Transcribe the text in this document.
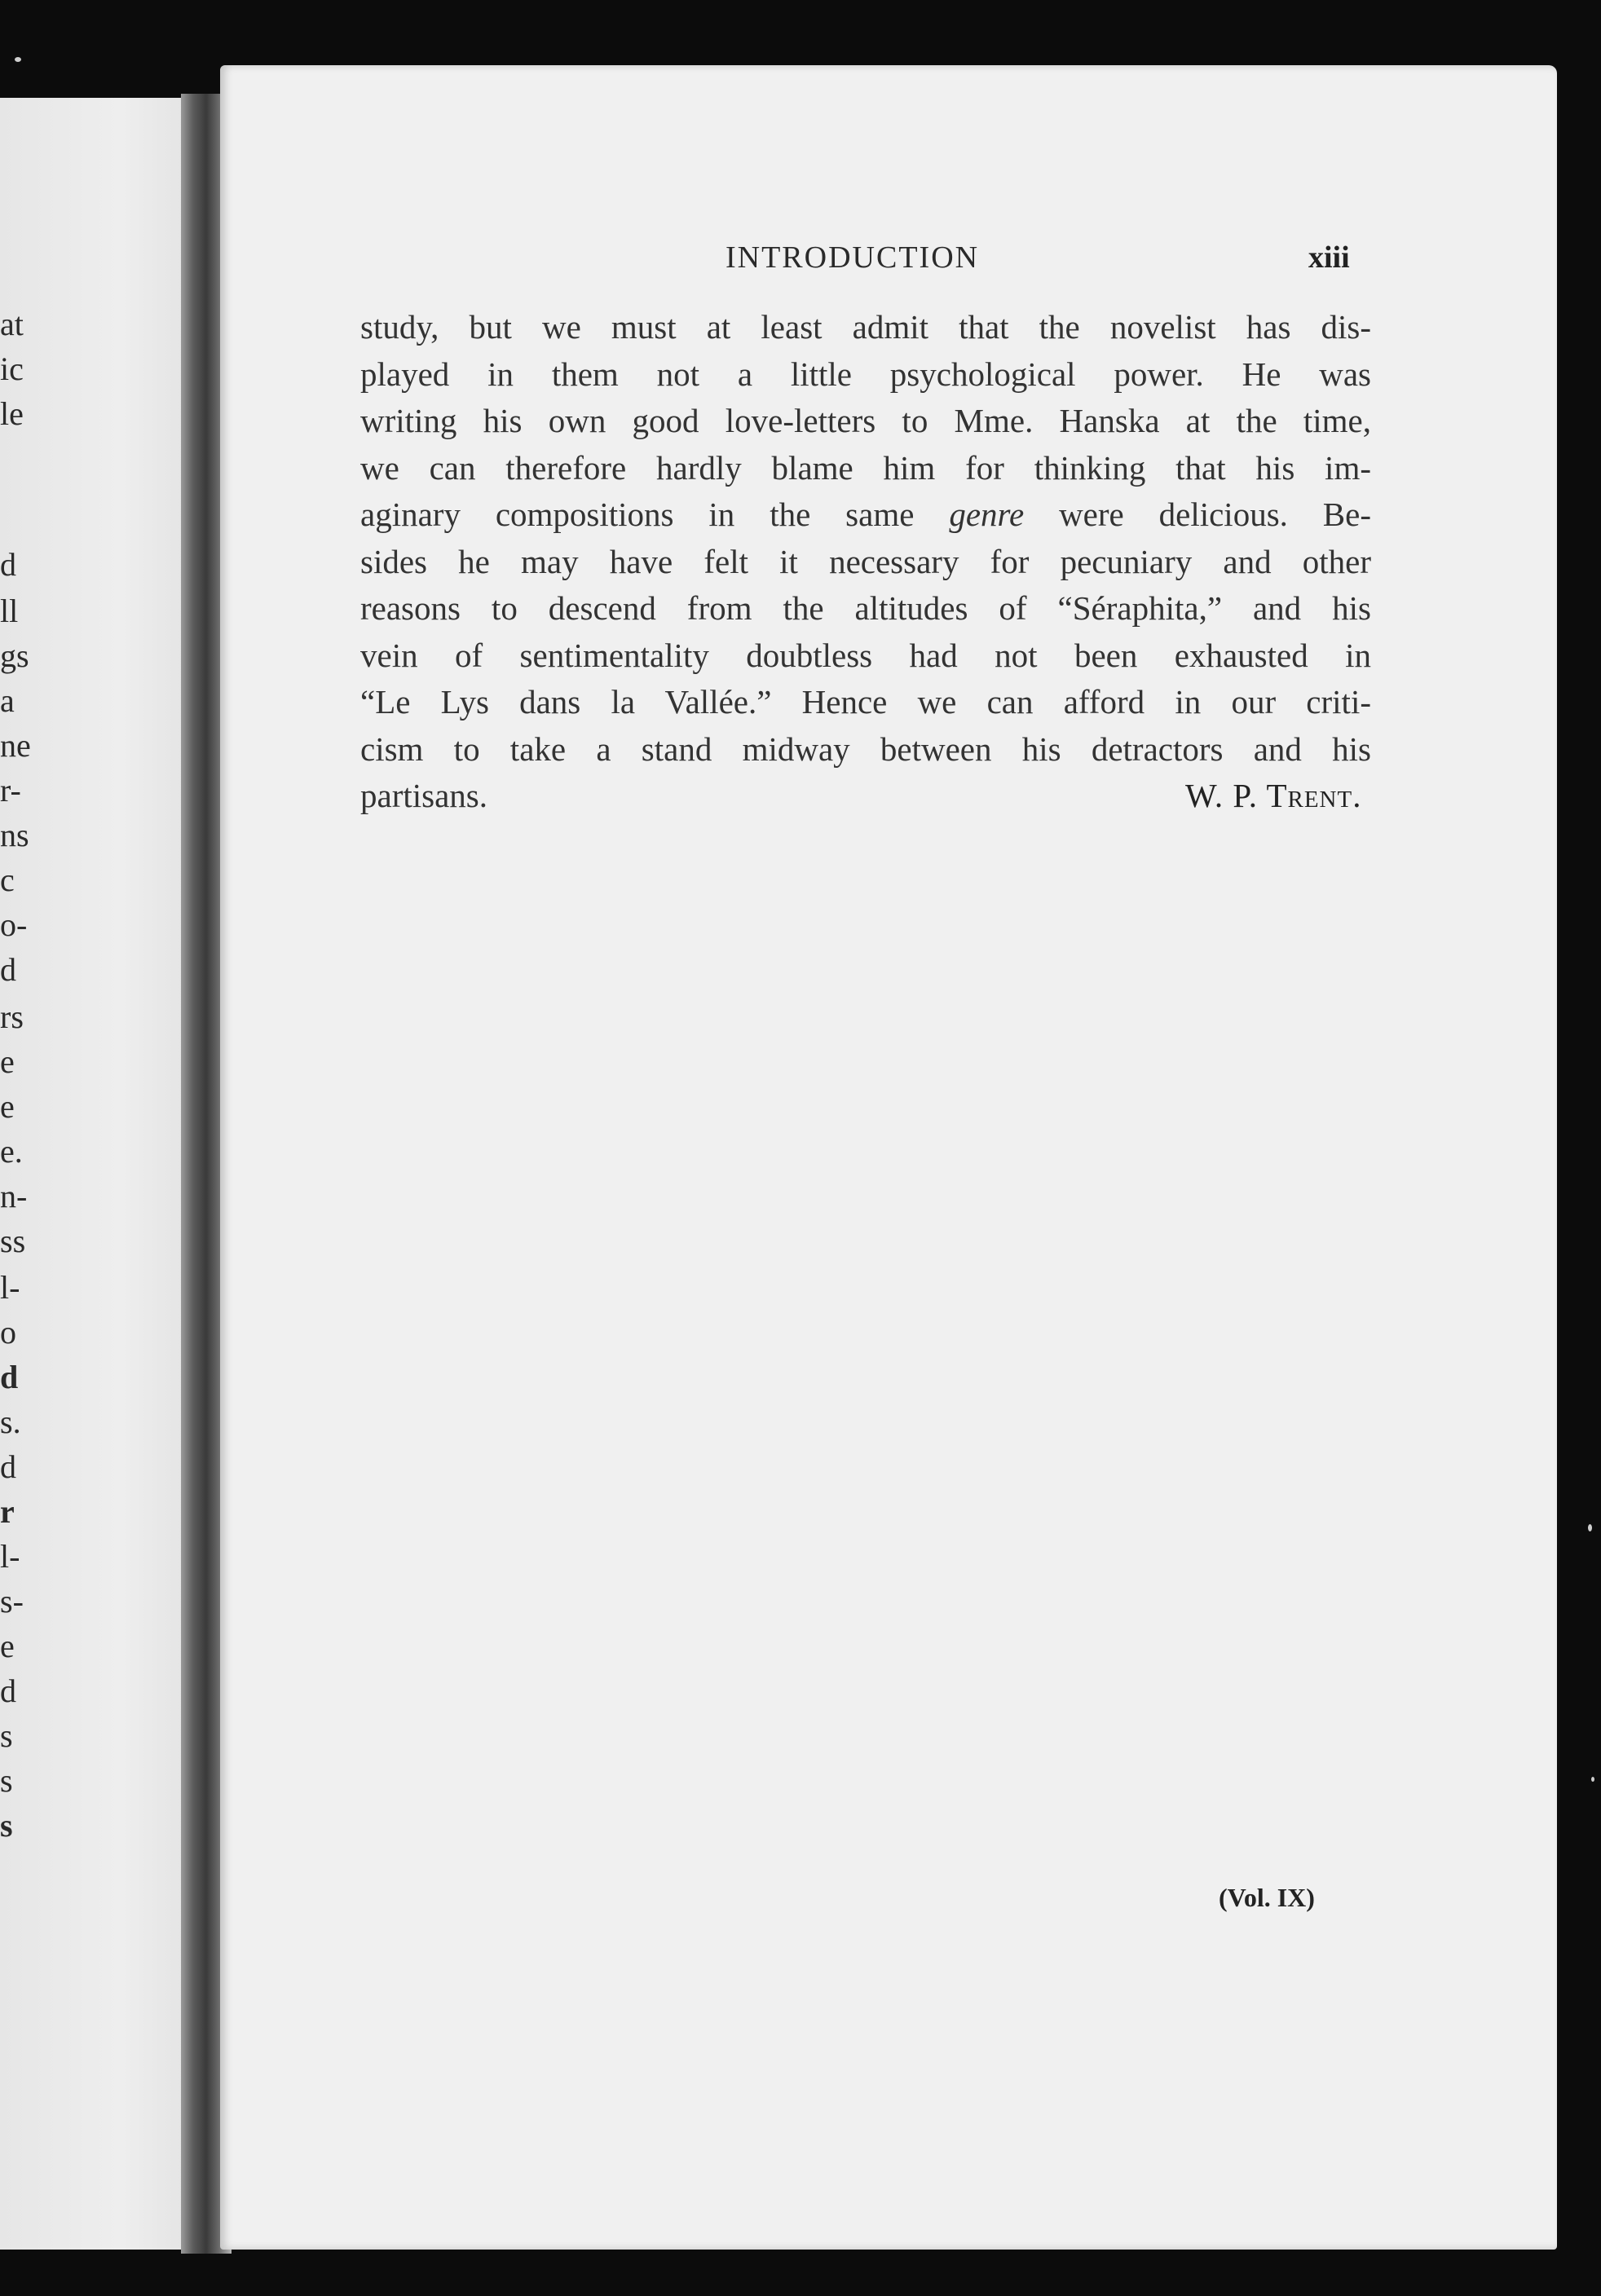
at
ic
le
d
ll
gs
a
ne
r-
ns
c
o-
d
rs
e
e
e.
n-
ss
l-
o
d
s.
d
r
l-
s-
e
d
s
s
s
INTRODUCTION	xiii
study, but we must at least admit that the novelist has dis-
played in them not a little psychological power. He was
writing his own good love-letters to Mme. Hanska at the time,
we can therefore hardly blame him for thinking that his im-
aginary compositions in the same genre were delicious. Be-
sides he may have felt it necessary for pecuniary and other
reasons to descend from the altitudes of “Séraphita,” and his
vein of sentimentality doubtless had not been exhausted in
“Le Lys dans la Vallée.” Hence we can afford in our criti-
cism to take a stand midway between his detractors and his
partisans.	W. P. Trent.
(Vol. IX)
